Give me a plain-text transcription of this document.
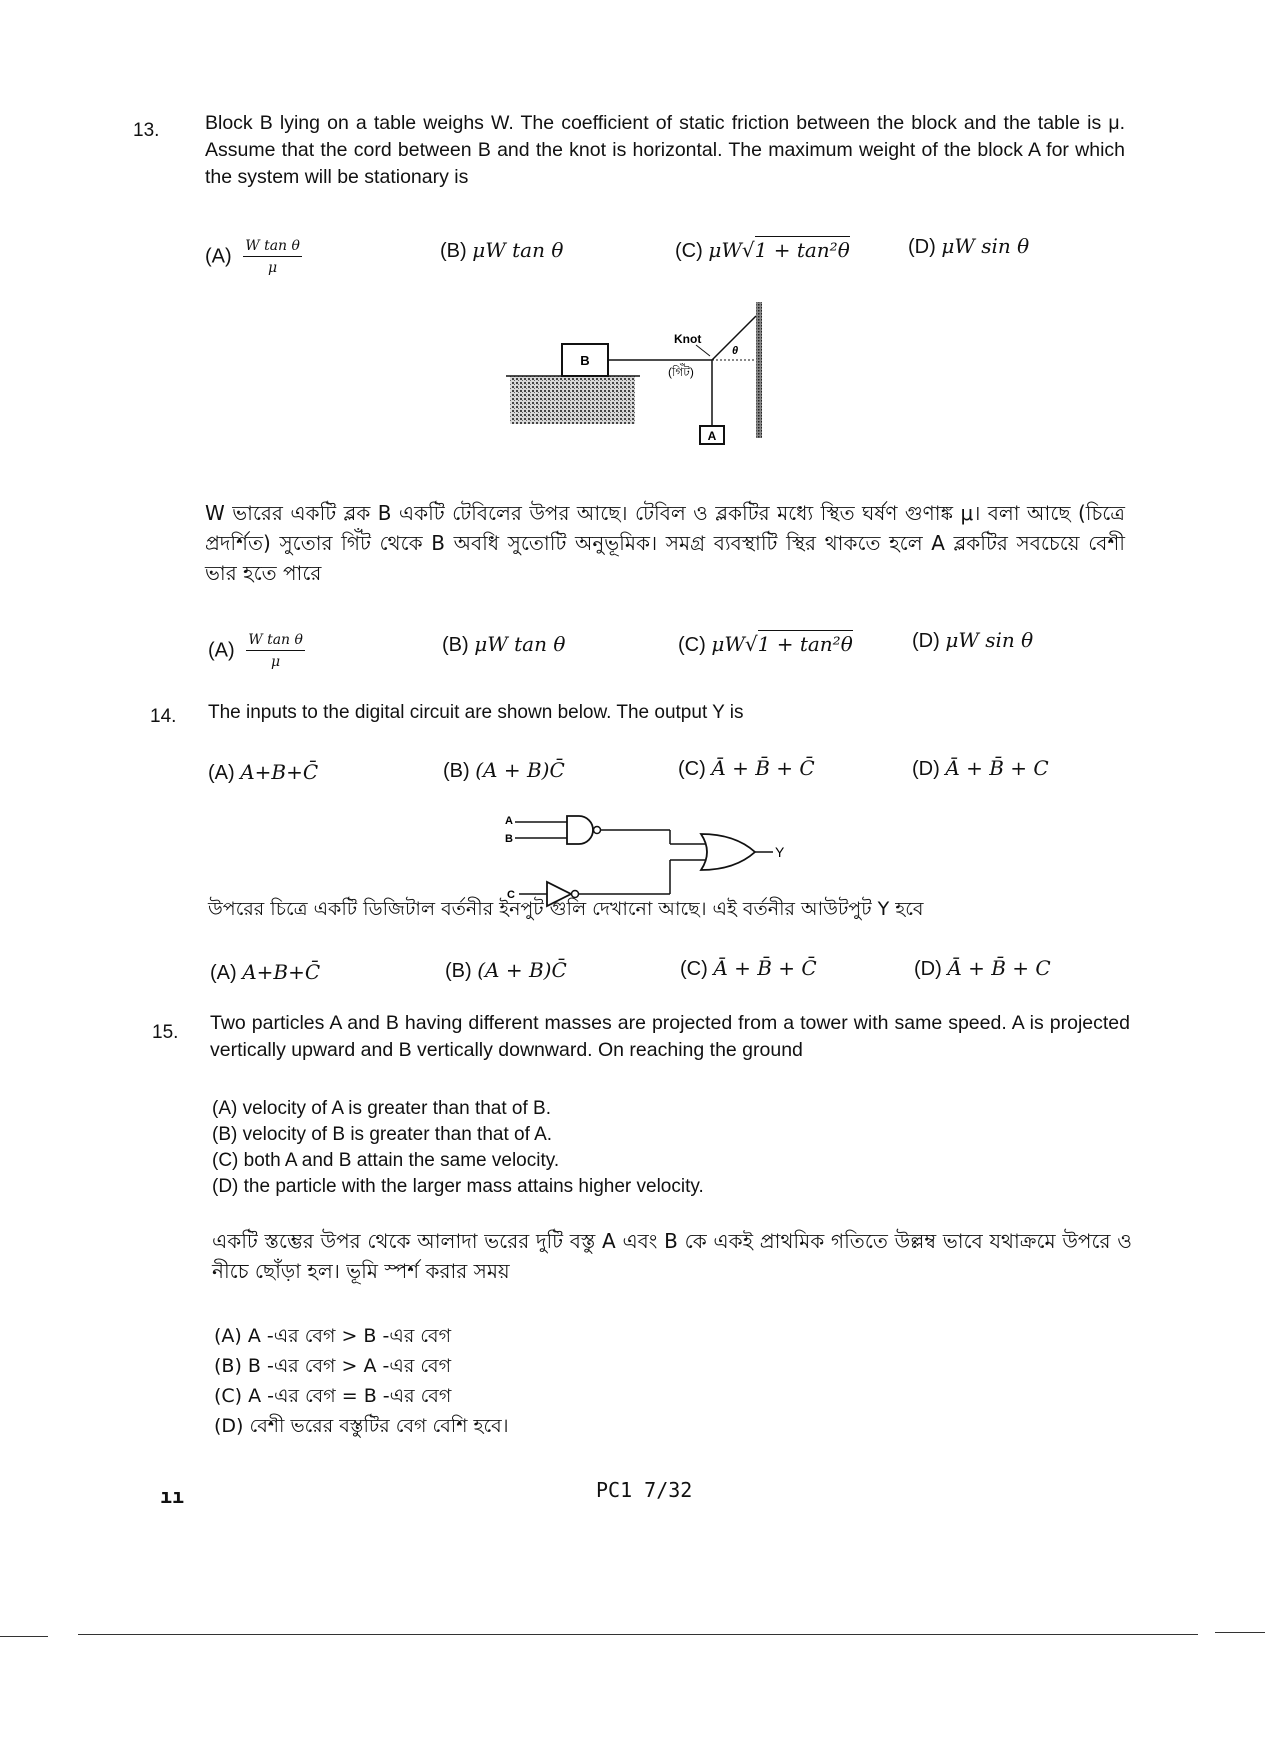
13. Block B lying on a table weighs W. The coefficient of static friction between the block and the table is μ. Assume that the cord between B and the knot is horizontal. The maximum weight of the block A for which the system will be stationary is
$(A) \frac{\text{W tan θ}}{\mu}$	(B) μW tan θ	(C) μW√1 + tan²θ	(D) μW sin θ
B
A
Knot
(গিঁট)
θ
W ভারের একটি ব্লক B একটি টেবিলের উপর আছে। টেবিল ও ব্লকটির মধ্যে স্থিত ঘর্ষণ গুণাঙ্ক μ। বলা আছে (চিত্রে প্রদর্শিত) সুতোর গিঁট থেকে B অবধি সুতোটি অনুভূমিক। সমগ্র ব্যবস্থাটি স্থির থাকতে হলে A ব্লকটির সবচেয়ে বেশী ভার হতে পারে
$(A) \frac{\text{W tan θ}}{\mu}$	(B) μW tan θ	(C) μW√1 + tan²θ	(D) μW sin θ
14. The inputs to the digital circuit are shown below. The output Y is
(A) A+B+C̄	(B) (A + B)C̄	(C) Ā + B̄ + C̄	(D) Ā + B̄ + C
A
B
C
Y
উপরের চিত্রে একটি ডিজিটাল বর্তনীর ইনপুট গুলি দেখানো আছে। এই বর্তনীর আউটপুট Y হবে
(A) A+B+C̄	(B) (A + B)C̄	(C) Ā + B̄ + C̄	(D) Ā + B̄ + C
15. Two particles A and B having different masses are projected from a tower with same speed. A is projected vertically upward and B vertically downward. On reaching the ground
(A) velocity of A is greater than that of B.
(B) velocity of B is greater than that of A.
(C) both A and B attain the same velocity.
(D) the particle with the larger mass attains higher velocity.
একটি স্তম্ভের উপর থেকে আলাদা ভরের দুটি বস্তু A এবং B কে একই প্রাথমিক গতিতে উল্লম্ব ভাবে যথাক্রমে উপরে ও নীচে ছোঁড়া হল। ভূমি স্পর্শ করার সময়
(A) A -এর বেগ > B -এর বেগ
(B) B -এর বেগ > A -এর বেগ
(C) A -এর বেগ = B -এর বেগ
(D) বেশী ভরের বস্তুটির বেগ বেশি হবে।
ıı	PC1 7/32
